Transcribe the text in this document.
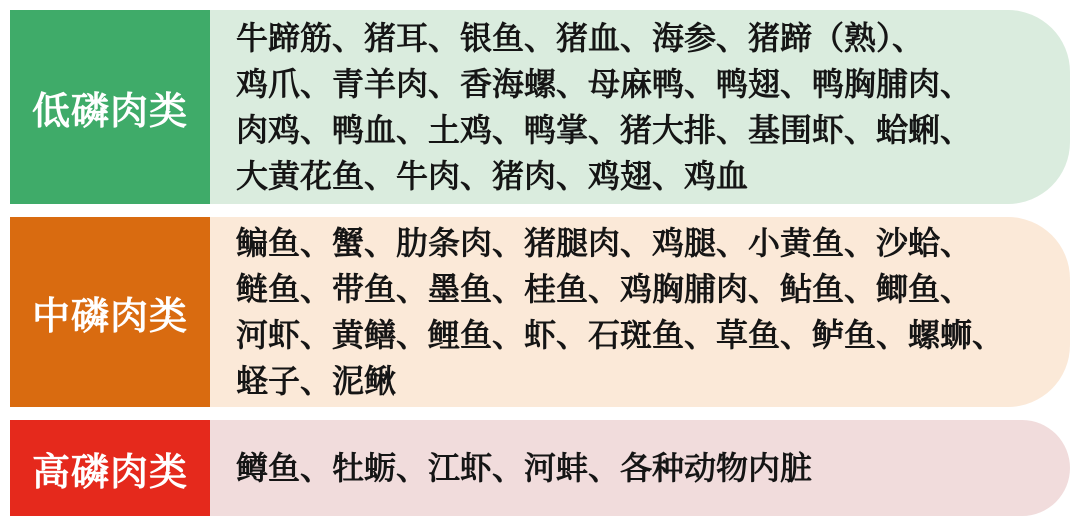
低磷肉类
牛蹄筋、猪耳、银鱼、猪血、海参、猪蹄（熟）、
鸡爪、青羊肉、香海螺、母麻鸭、鸭翅、鸭胸脯肉、
肉鸡、鸭血、土鸡、鸭掌、猪大排、基围虾、蛤蜊、
大黄花鱼、牛肉、猪肉、鸡翅、鸡血
中磷肉类
鳊鱼、蟹、肋条肉、猪腿肉、鸡腿、小黄鱼、沙蛤、
鲢鱼、带鱼、墨鱼、桂鱼、鸡胸脯肉、鲇鱼、鲫鱼、
河虾、黄鳝、鲤鱼、虾、石斑鱼、草鱼、鲈鱼、螺蛳、
蛏子、泥鳅
高磷肉类	鳟鱼、牡蛎、江虾、河蚌、各种动物内脏
